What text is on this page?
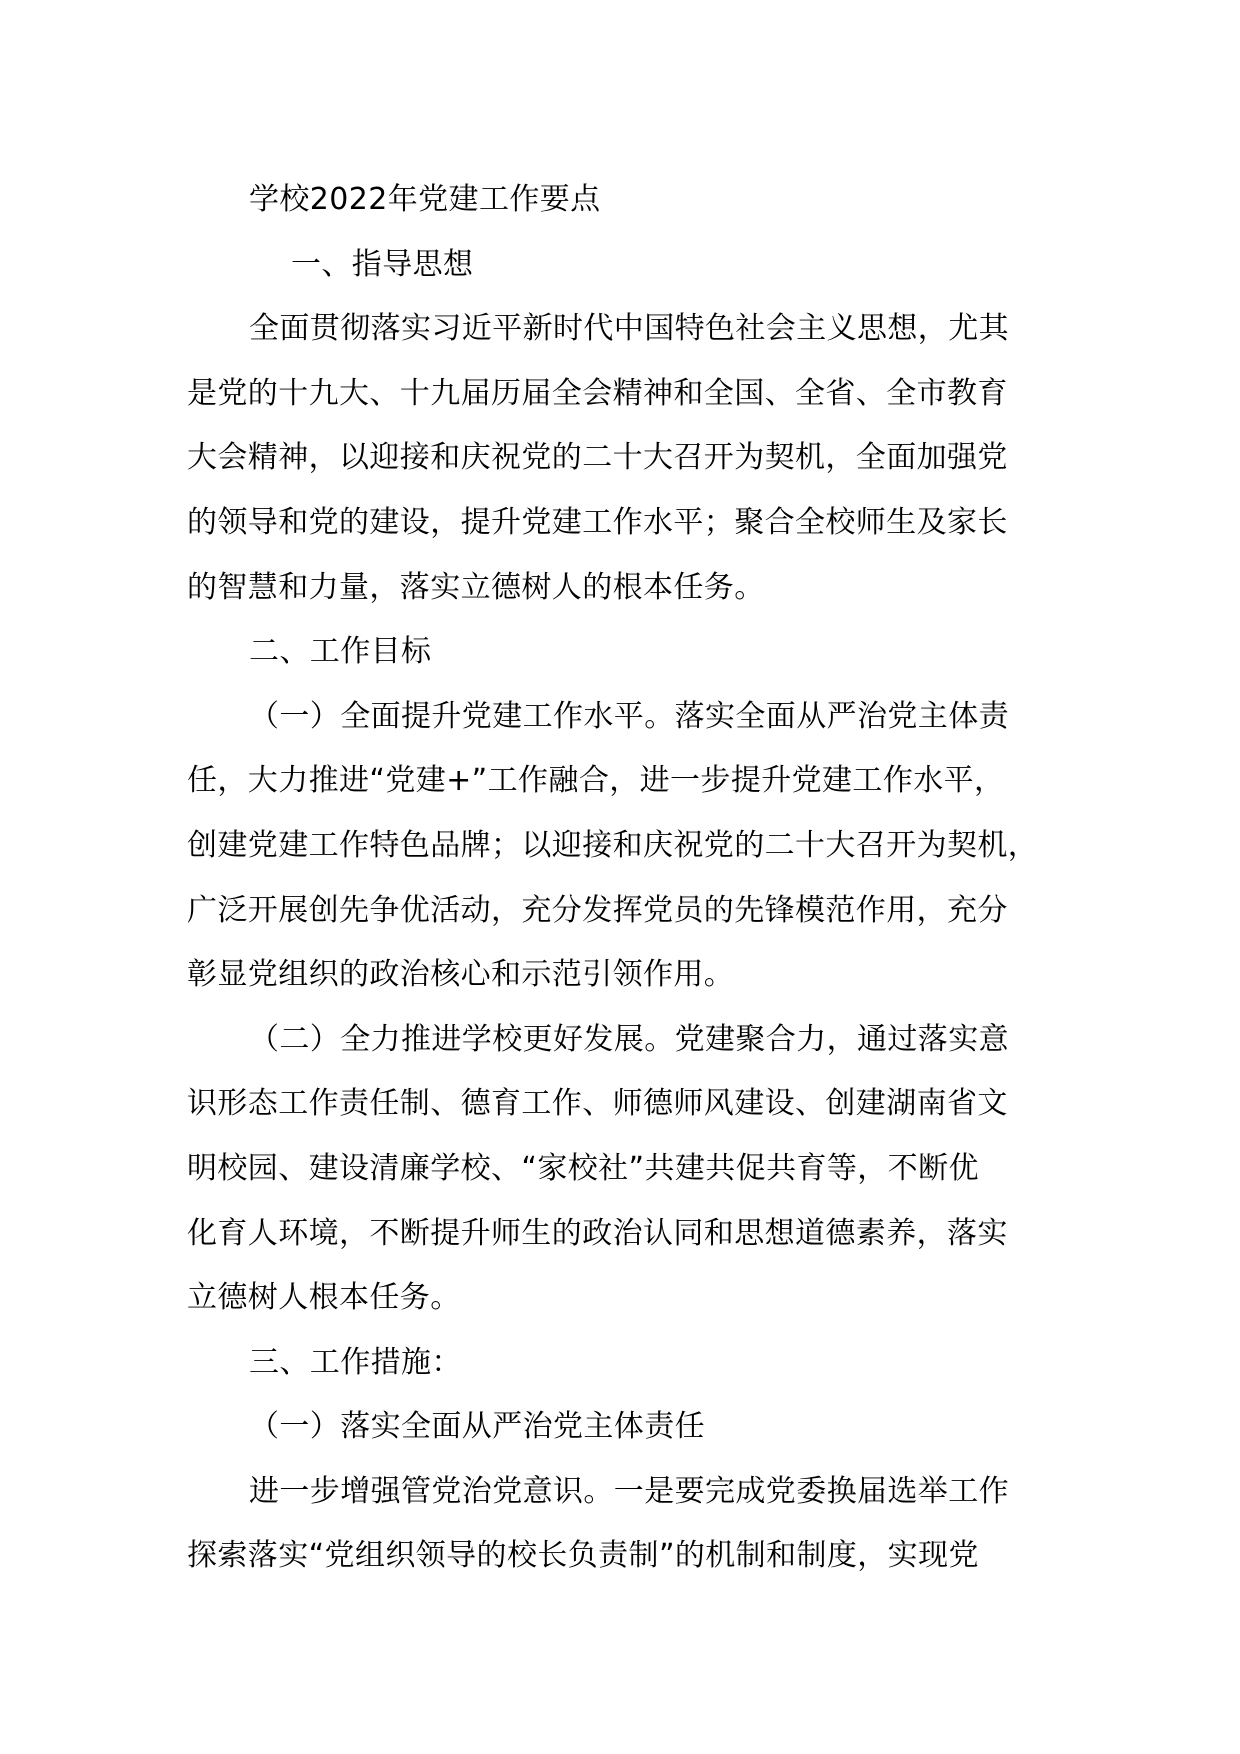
学校2022年党建工作要点
一、指导思想
全面贯彻落实习近平新时代中国特色社会主义思想，尤其
是党的十九大、十九届历届全会精神和全国、全省、全市教育
大会精神，以迎接和庆祝党的二十大召开为契机，全面加强党
的领导和党的建设，提升党建工作水平；聚合全校师生及家长
的智慧和力量，落实立德树人的根本任务。
二、工作目标
（一）全面提升党建工作水平。落实全面从严治党主体责
任，大力推进“党建+”工作融合，进一步提升党建工作水平，
创建党建工作特色品牌；以迎接和庆祝党的二十大召开为契机，
广泛开展创先争优活动，充分发挥党员的先锋模范作用，充分
彰显党组织的政治核心和示范引领作用。
（二）全力推进学校更好发展。党建聚合力，通过落实意
识形态工作责任制、德育工作、师德师风建设、创建湖南省文
明校园、建设清廉学校、“家校社”共建共促共育等，不断优
化育人环境，不断提升师生的政治认同和思想道德素养，落实
立德树人根本任务。
三、工作措施：
（一）落实全面从严治党主体责任
进一步增强管党治党意识。一是要完成党委换届选举工作
探索落实“党组织领导的校长负责制”的机制和制度，实现党
